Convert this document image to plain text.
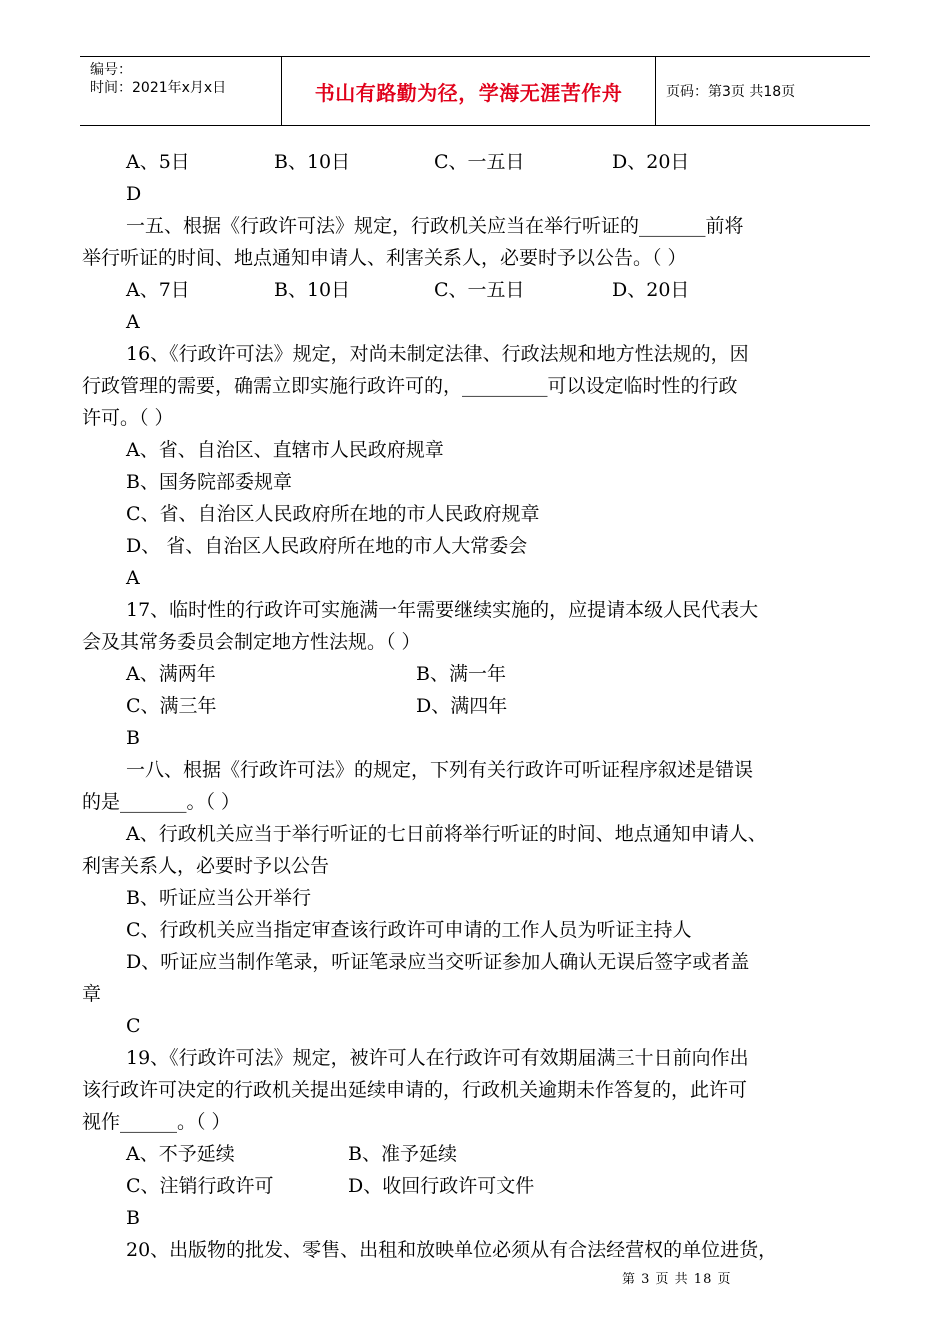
编号：
时间：2021年x月x日	书山有路勤为径，学海无涯苦作舟	页码：第3页 共18页
A、5日	B、10日	C、一五日	D、20日
D
一五、根据《行政许可法》规定，行政机关应当在举行听证的_______前将
举行听证的时间、地点通知申请人、利害关系人，必要时予以公告。（ ）
A、7日	B、10日	C、一五日	D、20日
A
16、《行政许可法》规定，对尚未制定法律、行政法规和地方性法规的，因
行政管理的需要，确需立即实施行政许可的，_________可以设定临时性的行政
许可。（ ）
A、省、自治区、直辖市人民政府规章
B、国务院部委规章
C、省、自治区人民政府所在地的市人民政府规章
D、 省、自治区人民政府所在地的市人大常委会
A
17、临时性的行政许可实施满一年需要继续实施的，应提请本级人民代表大
会及其常务委员会制定地方性法规。（ ）
A、满两年	B、满一年
C、满三年	D、满四年
B
一八、根据《行政许可法》的规定，下列有关行政许可听证程序叙述是错误
的是_______。（ ）
A、行政机关应当于举行听证的七日前将举行听证的时间、地点通知申请人、
利害关系人，必要时予以公告
B、听证应当公开举行
C、行政机关应当指定审查该行政许可申请的工作人员为听证主持人
D、听证应当制作笔录，听证笔录应当交听证参加人确认无误后签字或者盖
章
C
19、《行政许可法》规定，被许可人在行政许可有效期届满三十日前向作出
该行政许可决定的行政机关提出延续申请的，行政机关逾期未作答复的，此许可
视作______。（ ）
A、不予延续	B、准予延续
C、注销行政许可	D、收回行政许可文件
B
20、出版物的批发、零售、出租和放映单位必须从有合法经营权的单位进货，
第 3 页 共 18 页
